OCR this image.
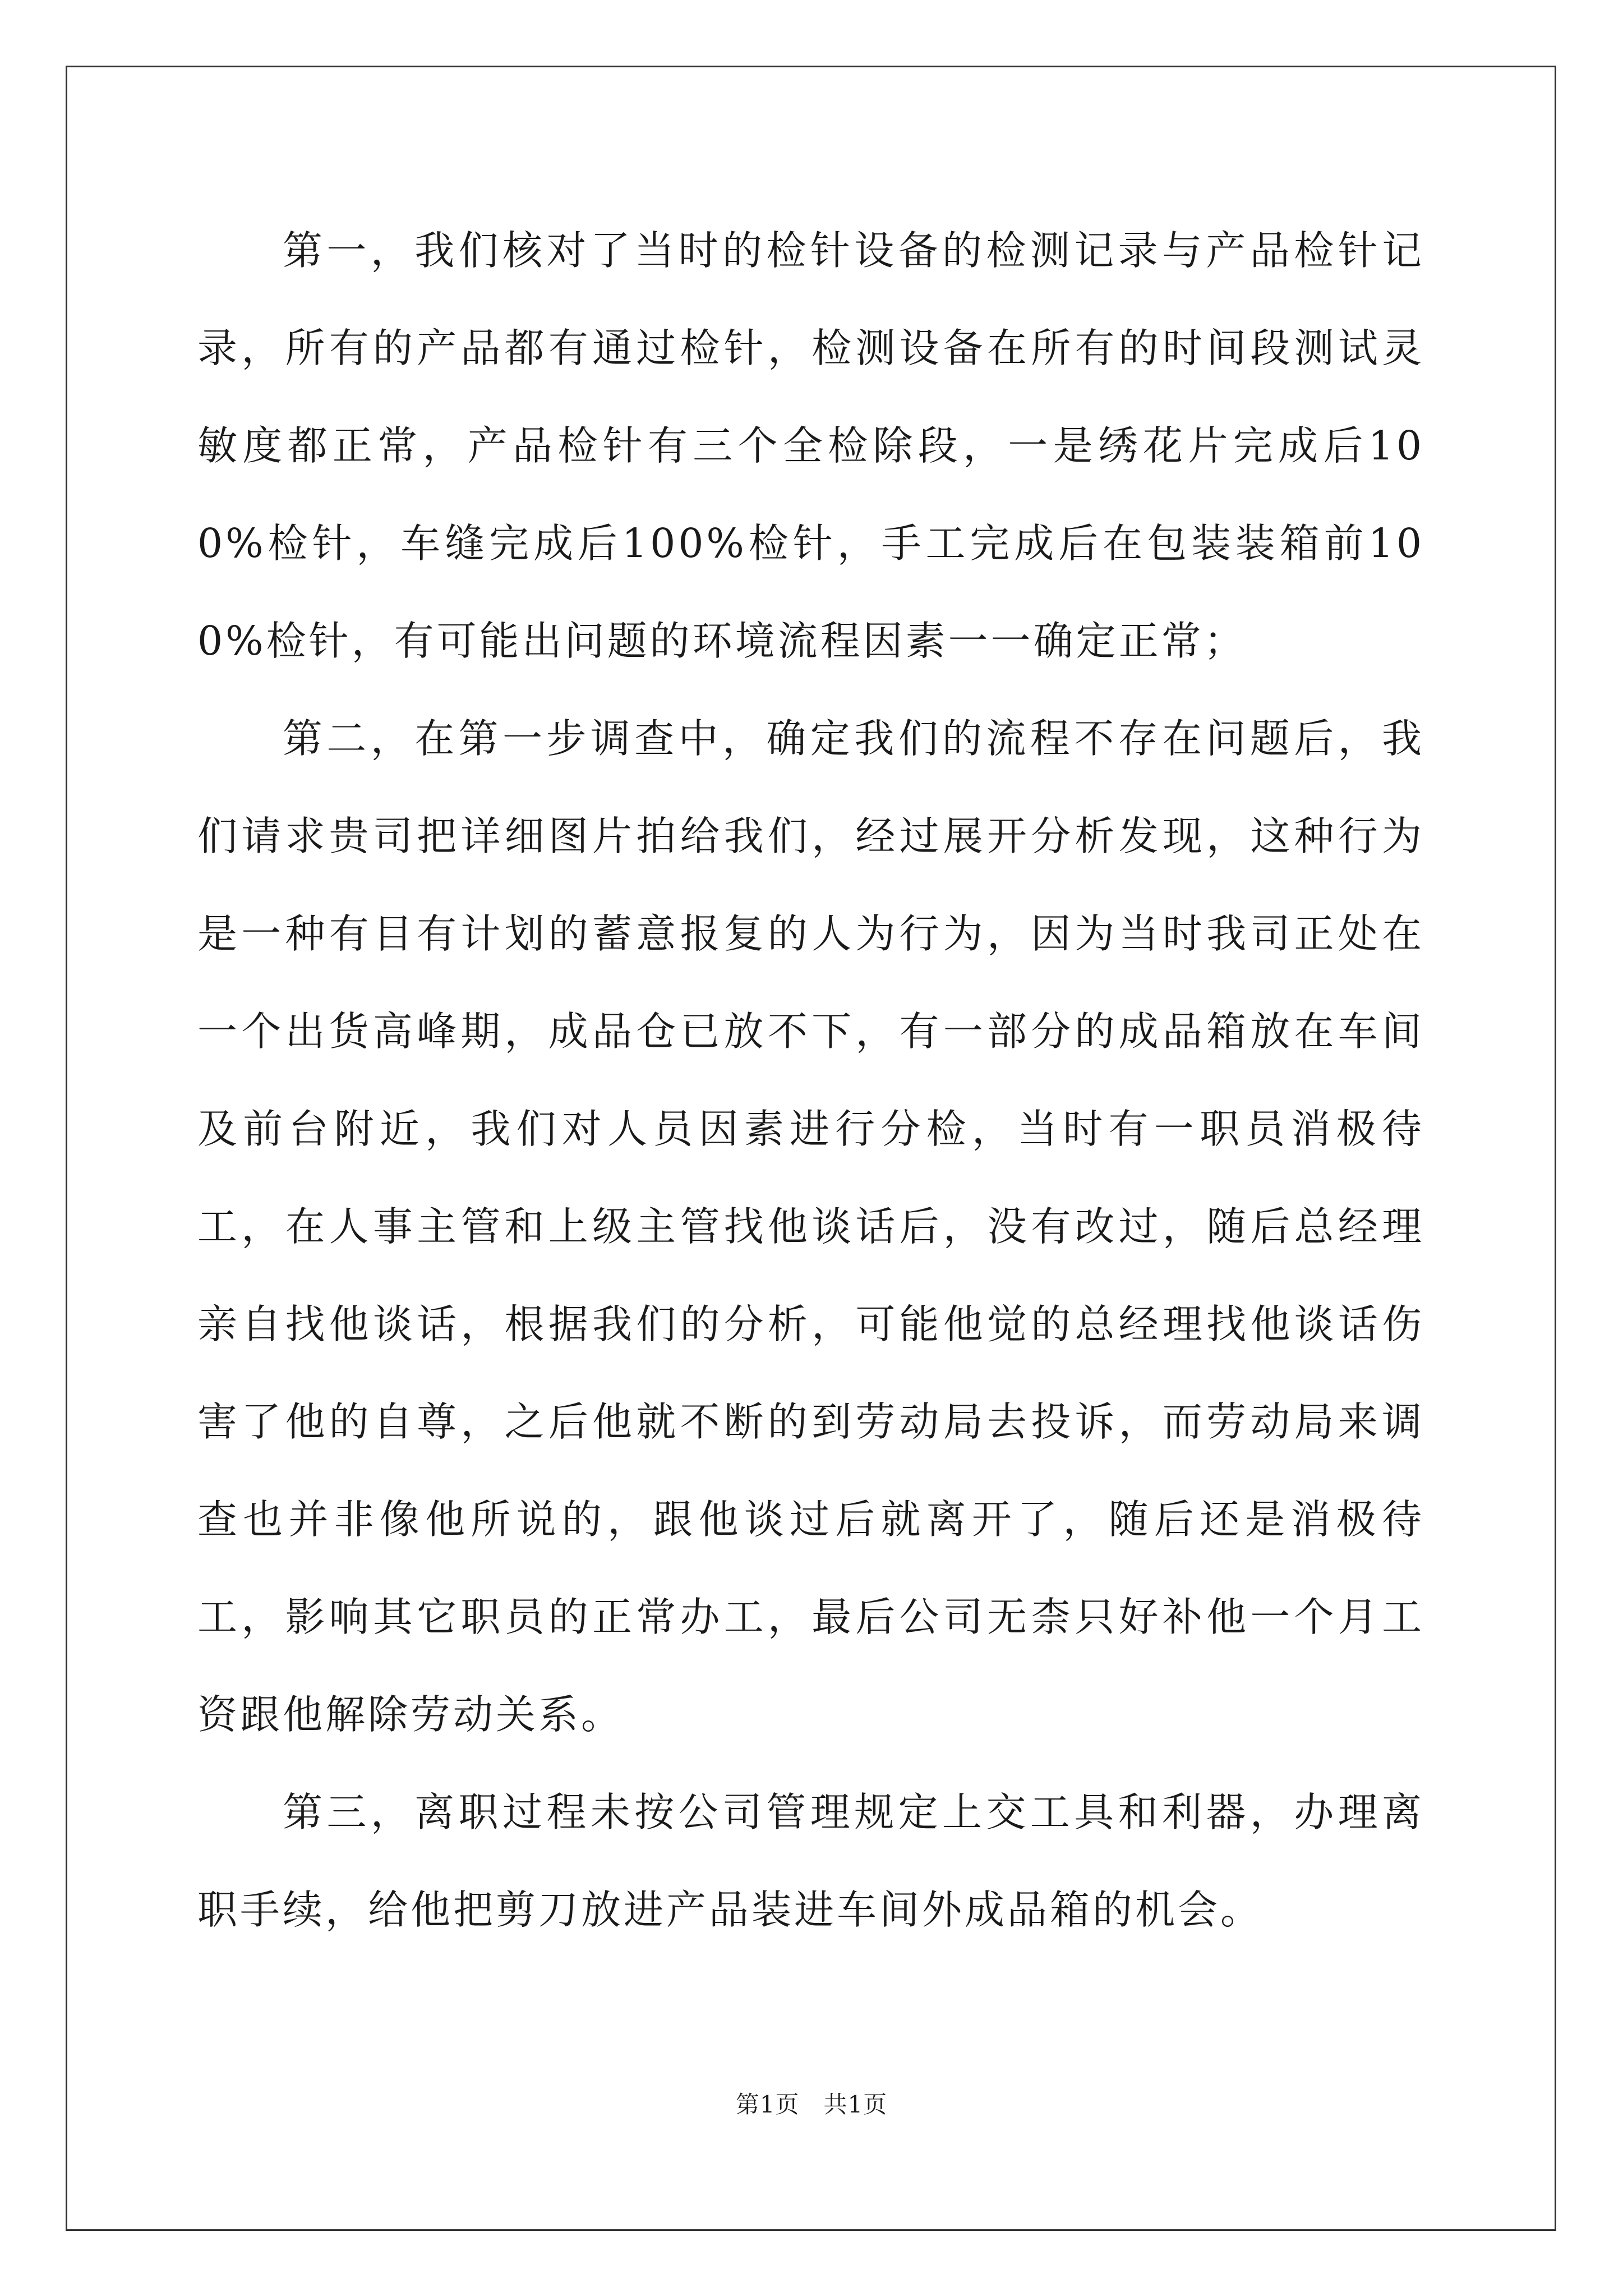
第一，我们核对了当时的检针设备的检测记录与产品检针记录，所有的产品都有通过检针，检测设备在所有的时间段测试灵敏度都正常，产品检针有三个全检除段，一是绣花片完成后100%检针，车缝完成后100%检针，手工完成后在包装装箱前100%检针，有可能出问题的环境流程因素一一确定正常；

第二，在第一步调查中，确定我们的流程不存在问题后，我们请求贵司把详细图片拍给我们，经过展开分析发现，这种行为是一种有目有计划的蓄意报复的人为行为，因为当时我司正处在一个出货高峰期，成品仓已放不下，有一部分的成品箱放在车间及前台附近，我们对人员因素进行分检，当时有一职员消极待工，在人事主管和上级主管找他谈话后，没有改过，随后总经理亲自找他谈话，根据我们的分析，可能他觉的总经理找他谈话伤害了他的自尊，之后他就不断的到劳动局去投诉，而劳动局来调查也并非像他所说的，跟他谈过后就离开了，随后还是消极待工，影响其它职员的正常办工，最后公司无柰只好补他一个月工资跟他解除劳动关系。

第三，离职过程未按公司管理规定上交工具和利器，办理离职手续，给他把剪刀放进产品装进车间外成品箱的机会。

第1页　共1页
